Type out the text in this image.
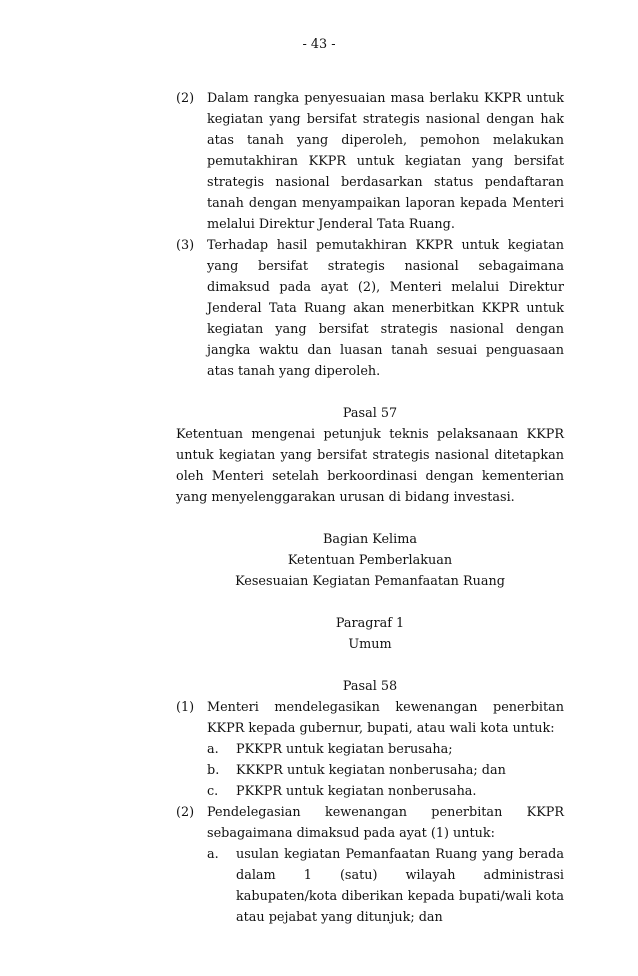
- 43 -
(2) Dalam rangka penyesuaian masa berlaku KKPR untuk kegiatan yang bersifat strategis nasional dengan hak atas tanah yang diperoleh, pemohon melakukan pemutakhiran KKPR untuk kegiatan yang bersifat strategis nasional berdasarkan status pendaftaran tanah dengan menyampaikan laporan kepada Menteri melalui Direktur Jenderal Tata Ruang.
(3) Terhadap hasil pemutakhiran KKPR untuk kegiatan yang bersifat strategis nasional sebagaimana dimaksud pada ayat (2), Menteri melalui Direktur Jenderal Tata Ruang akan menerbitkan KKPR untuk kegiatan yang bersifat strategis nasional dengan jangka waktu dan luasan tanah sesuai penguasaan atas tanah yang diperoleh.
Pasal 57
Ketentuan mengenai petunjuk teknis pelaksanaan KKPR untuk kegiatan yang bersifat strategis nasional ditetapkan oleh Menteri setelah berkoordinasi dengan kementerian yang menyelenggarakan urusan di bidang investasi.
Bagian Kelima
Ketentuan Pemberlakuan
Kesesuaian Kegiatan Pemanfaatan Ruang
Paragraf 1
Umum
Pasal 58
(1) Menteri mendelegasikan kewenangan penerbitan KKPR kepada gubernur, bupati, atau wali kota untuk:
a. PKKPR untuk kegiatan berusaha;
b. KKKPR untuk kegiatan nonberusaha; dan
c. PKKPR untuk kegiatan nonberusaha.
(2) Pendelegasian kewenangan penerbitan KKPR sebagaimana dimaksud pada ayat (1) untuk:
a. usulan kegiatan Pemanfaatan Ruang yang berada dalam 1 (satu) wilayah administrasi kabupaten/kota diberikan kepada bupati/wali kota atau pejabat yang ditunjuk; dan
